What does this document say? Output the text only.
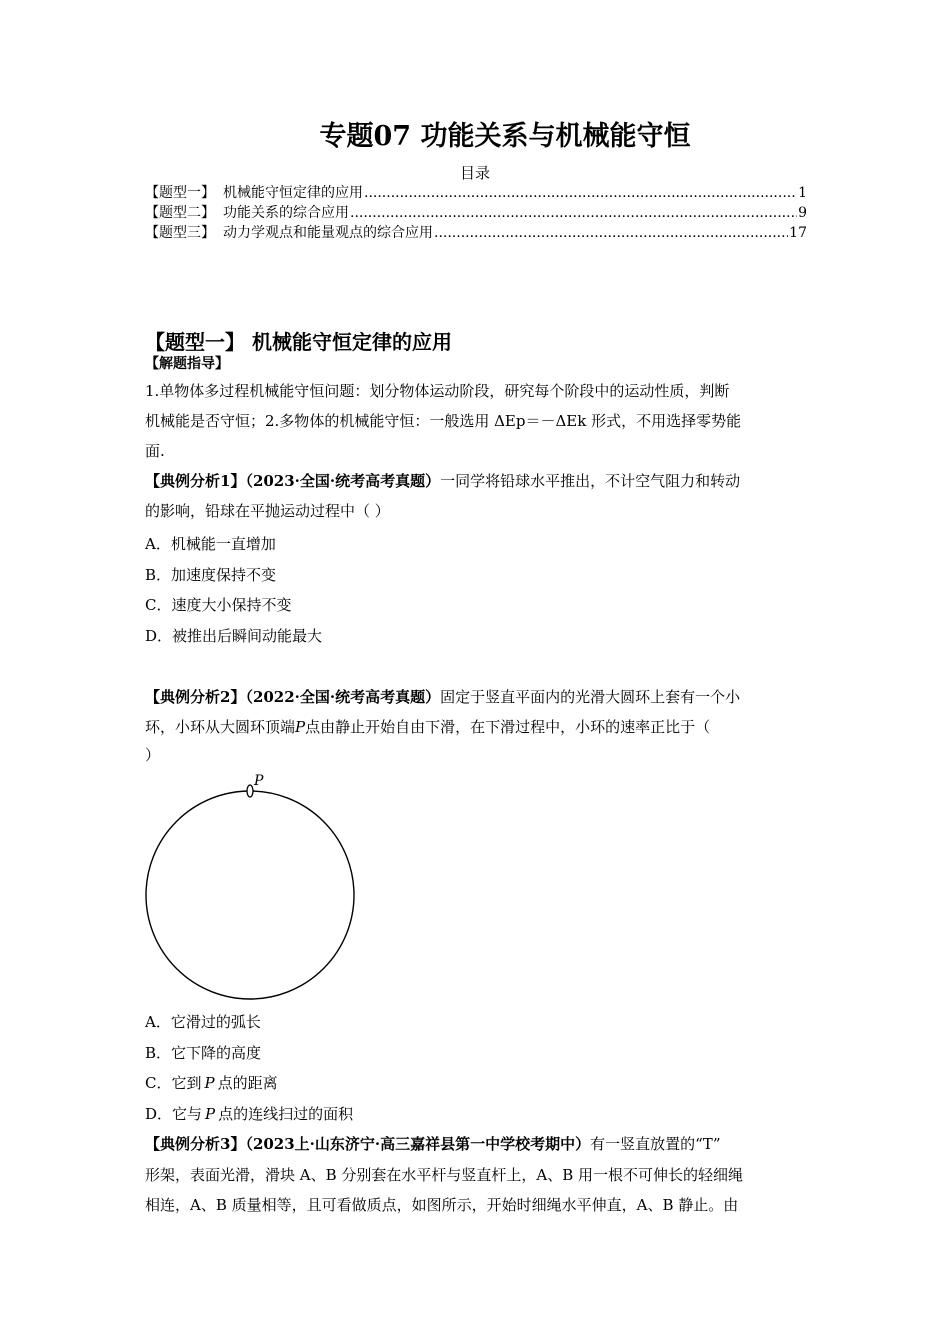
专题07 功能关系与机械能守恒
目录
【题型一】 机械能守恒定律的应用 .....	1
【题型二】 功能关系的综合应用 .....	9
【题型三】 动力学观点和能量观点的综合应用 .....	17
【题型一】 机械能守恒定律的应用
【解题指导】
1.单物体多过程机械能守恒问题：划分物体运动阶段，研究每个阶段中的运动性质，判断
机械能是否守恒；2.多物体的机械能守恒：一般选用 ΔEp＝－ΔEk 形式，不用选择零势能
面.
【典例分析1】（2023·全国·统考高考真题）一同学将铅球水平推出，不计空气阻力和转动
的影响，铅球在平抛运动过程中（ ）
A．机械能一直增加
B．加速度保持不变
C．速度大小保持不变
D．被推出后瞬间动能最大
【典例分析2】（2022·全国·统考高考真题）固定于竖直平面内的光滑大圆环上套有一个小
环，小环从大圆环顶端P点由静止开始自由下滑，在下滑过程中，小环的速率正比于（
）
P
A．它滑过的弧长
B．它下降的高度
C．它到 P 点的距离
D．它与 P 点的连线扫过的面积
【典例分析3】（2023上·山东济宁·高三嘉祥县第一中学校考期中）有一竖直放置的“T”
形架，表面光滑，滑块 A、B 分别套在水平杆与竖直杆上，A、B 用一根不可伸长的轻细绳
相连，A、B 质量相等，且可看做质点，如图所示，开始时细绳水平伸直，A、B 静止。由
